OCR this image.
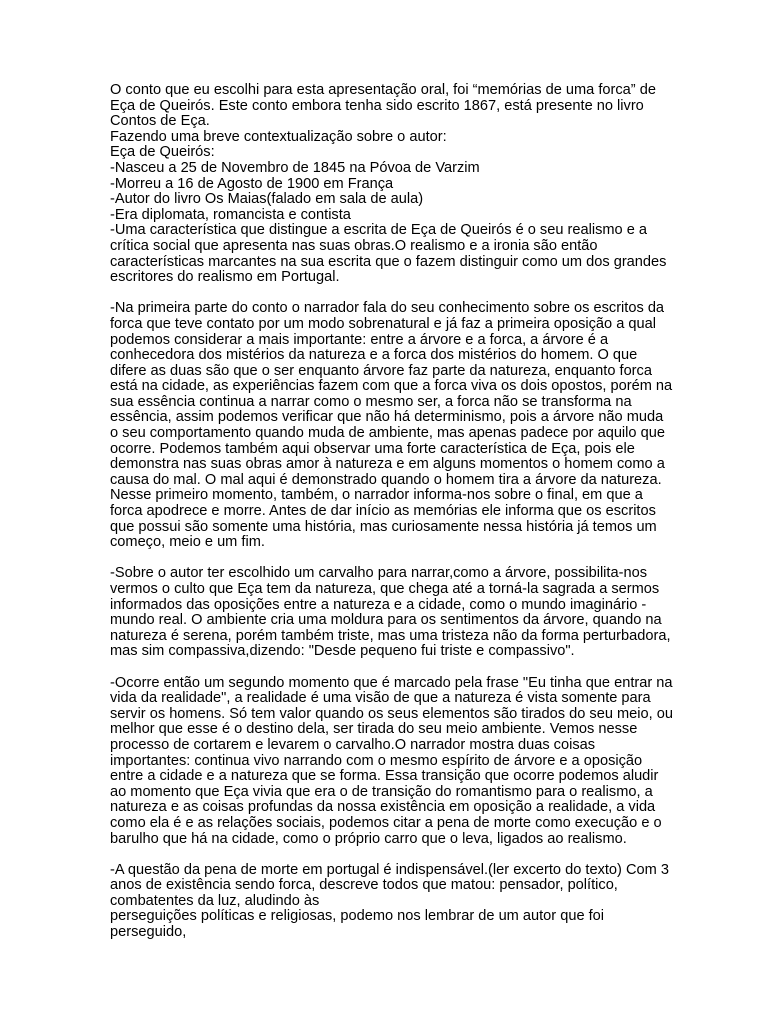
O conto que eu escolhi para esta apresentação oral, foi “memórias de uma forca” de
Eça de Queirós. Este conto embora tenha sido escrito 1867, está presente no livro
Contos de Eça.
Fazendo uma breve contextualização sobre o autor:
Eça de Queirós:
-Nasceu a 25 de Novembro de 1845 na Póvoa de Varzim
-Morreu a 16 de Agosto de 1900 em França
-Autor do livro Os Maias(falado em sala de aula)
-Era diplomata, romancista e contista
-Uma característica que distingue a escrita de Eça de Queirós é o seu realismo e a
crítica social que apresenta nas suas obras.O realismo e a ironia são então
características marcantes na sua escrita que o fazem distinguir como um dos grandes
escritores do realismo em Portugal.
-Na primeira parte do conto o narrador fala do seu conhecimento sobre os escritos da
forca que teve contato por um modo sobrenatural e já faz a primeira oposição a qual
podemos considerar a mais importante: entre a árvore e a forca, a árvore é a
conhecedora dos mistérios da natureza e a forca dos mistérios do homem. O que
difere as duas são que o ser enquanto árvore faz parte da natureza, enquanto forca
está na cidade, as experiências fazem com que a forca viva os dois opostos, porém na
sua essência continua a narrar como o mesmo ser, a forca não se transforma na
essência, assim podemos verificar que não há determinismo, pois a árvore não muda
o seu comportamento quando muda de ambiente, mas apenas padece por aquilo que
ocorre. Podemos também aqui observar uma forte característica de Eça, pois ele
demonstra nas suas obras amor à natureza e em alguns momentos o homem como a
causa do mal. O mal aqui é demonstrado quando o homem tira a árvore da natureza.
Nesse primeiro momento, também, o narrador informa-nos sobre o final, em que a
forca apodrece e morre. Antes de dar início as memórias ele informa que os escritos
que possui são somente uma história, mas curiosamente nessa história já temos um
começo, meio e um fim.
-Sobre o autor ter escolhido um carvalho para narrar,como a árvore, possibilita-nos
vermos o culto que Eça tem da natureza, que chega até a torná-la sagrada a sermos
informados das oposições entre a natureza e a cidade, como o mundo imaginário -
mundo real. O ambiente cria uma moldura para os sentimentos da árvore, quando na
natureza é serena, porém também triste, mas uma tristeza não da forma perturbadora,
mas sim compassiva,dizendo: "Desde pequeno fui triste e compassivo".
-Ocorre então um segundo momento que é marcado pela frase "Eu tinha que entrar na
vida da realidade", a realidade é uma visão de que a natureza é vista somente para
servir os homens. Só tem valor quando os seus elementos são tirados do seu meio, ou
melhor que esse é o destino dela, ser tirada do seu meio ambiente. Vemos nesse
processo de cortarem e levarem o carvalho.O narrador mostra duas coisas
importantes: continua vivo narrando com o mesmo espírito de árvore e a oposição
entre a cidade e a natureza que se forma. Essa transição que ocorre podemos aludir
ao momento que Eça vivia que era o de transição do romantismo para o realismo, a
natureza e as coisas profundas da nossa existência em oposição a realidade, a vida
como ela é e as relações sociais, podemos citar a pena de morte como execução e o
barulho que há na cidade, como o próprio carro que o leva, ligados ao realismo.
-A questão da pena de morte em portugal é indispensável.(ler excerto do texto) Com 3
anos de existência sendo forca, descreve todos que matou: pensador, político,
combatentes da luz, aludindo às
perseguições políticas e religiosas, podemo nos lembrar de um autor que foi
perseguido,
